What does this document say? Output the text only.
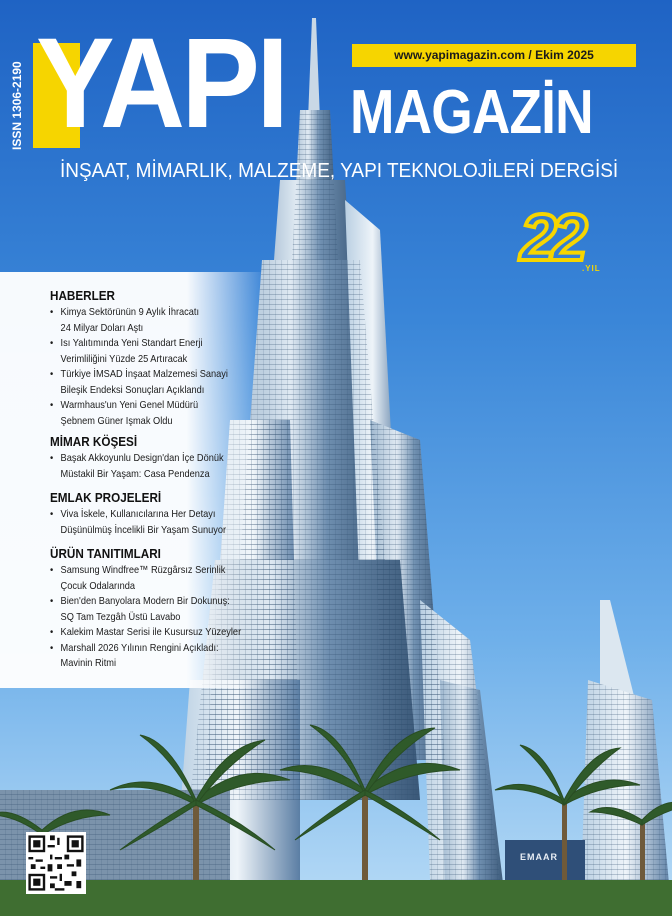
EMAAR
YAPI	www.yapimagazin.com / Ekim 2025
MAGAZİN
İNŞAAT, MİMARLIK, MALZEME, YAPI TEKNOLOJİLERİ DERGİSİ
ISSN 1306-2190
22 .YIL
HABERLER
• Kimya Sektörünün 9 Aylık İhracatı
24 Milyar Doları Aştı
• Isı Yalıtımında Yeni Standart Enerji
Verimliliğini Yüzde 25 Artıracak
• Türkiye İMSAD İnşaat Malzemesi Sanayi
Bileşik Endeksi Sonuçları Açıklandı
• Warmhaus'un Yeni Genel Müdürü
Şebnem Güner Işmak Oldu
MİMAR KÖŞESİ
• Başak Akkoyunlu Design'dan İçe Dönük
Müstakil Bir Yaşam: Casa Pendenza
EMLAK PROJELERİ
• Viva İskele, Kullanıcılarına Her Detayı
Düşünülmüş İncelikli Bir Yaşam Sunuyor
ÜRÜN TANITIMLARI
• Samsung Windfree™ Rüzgârsız Serinlik
Çocuk Odalarında
• Bien'den Banyolara Modern Bir Dokunuş:
SQ Tam Tezgâh Üstü Lavabo
• Kalekim Mastar Serisi ile Kusursuz Yüzeyler
• Marshall 2026 Yılının Rengini Açıkladı:
Mavinin Ritmi
